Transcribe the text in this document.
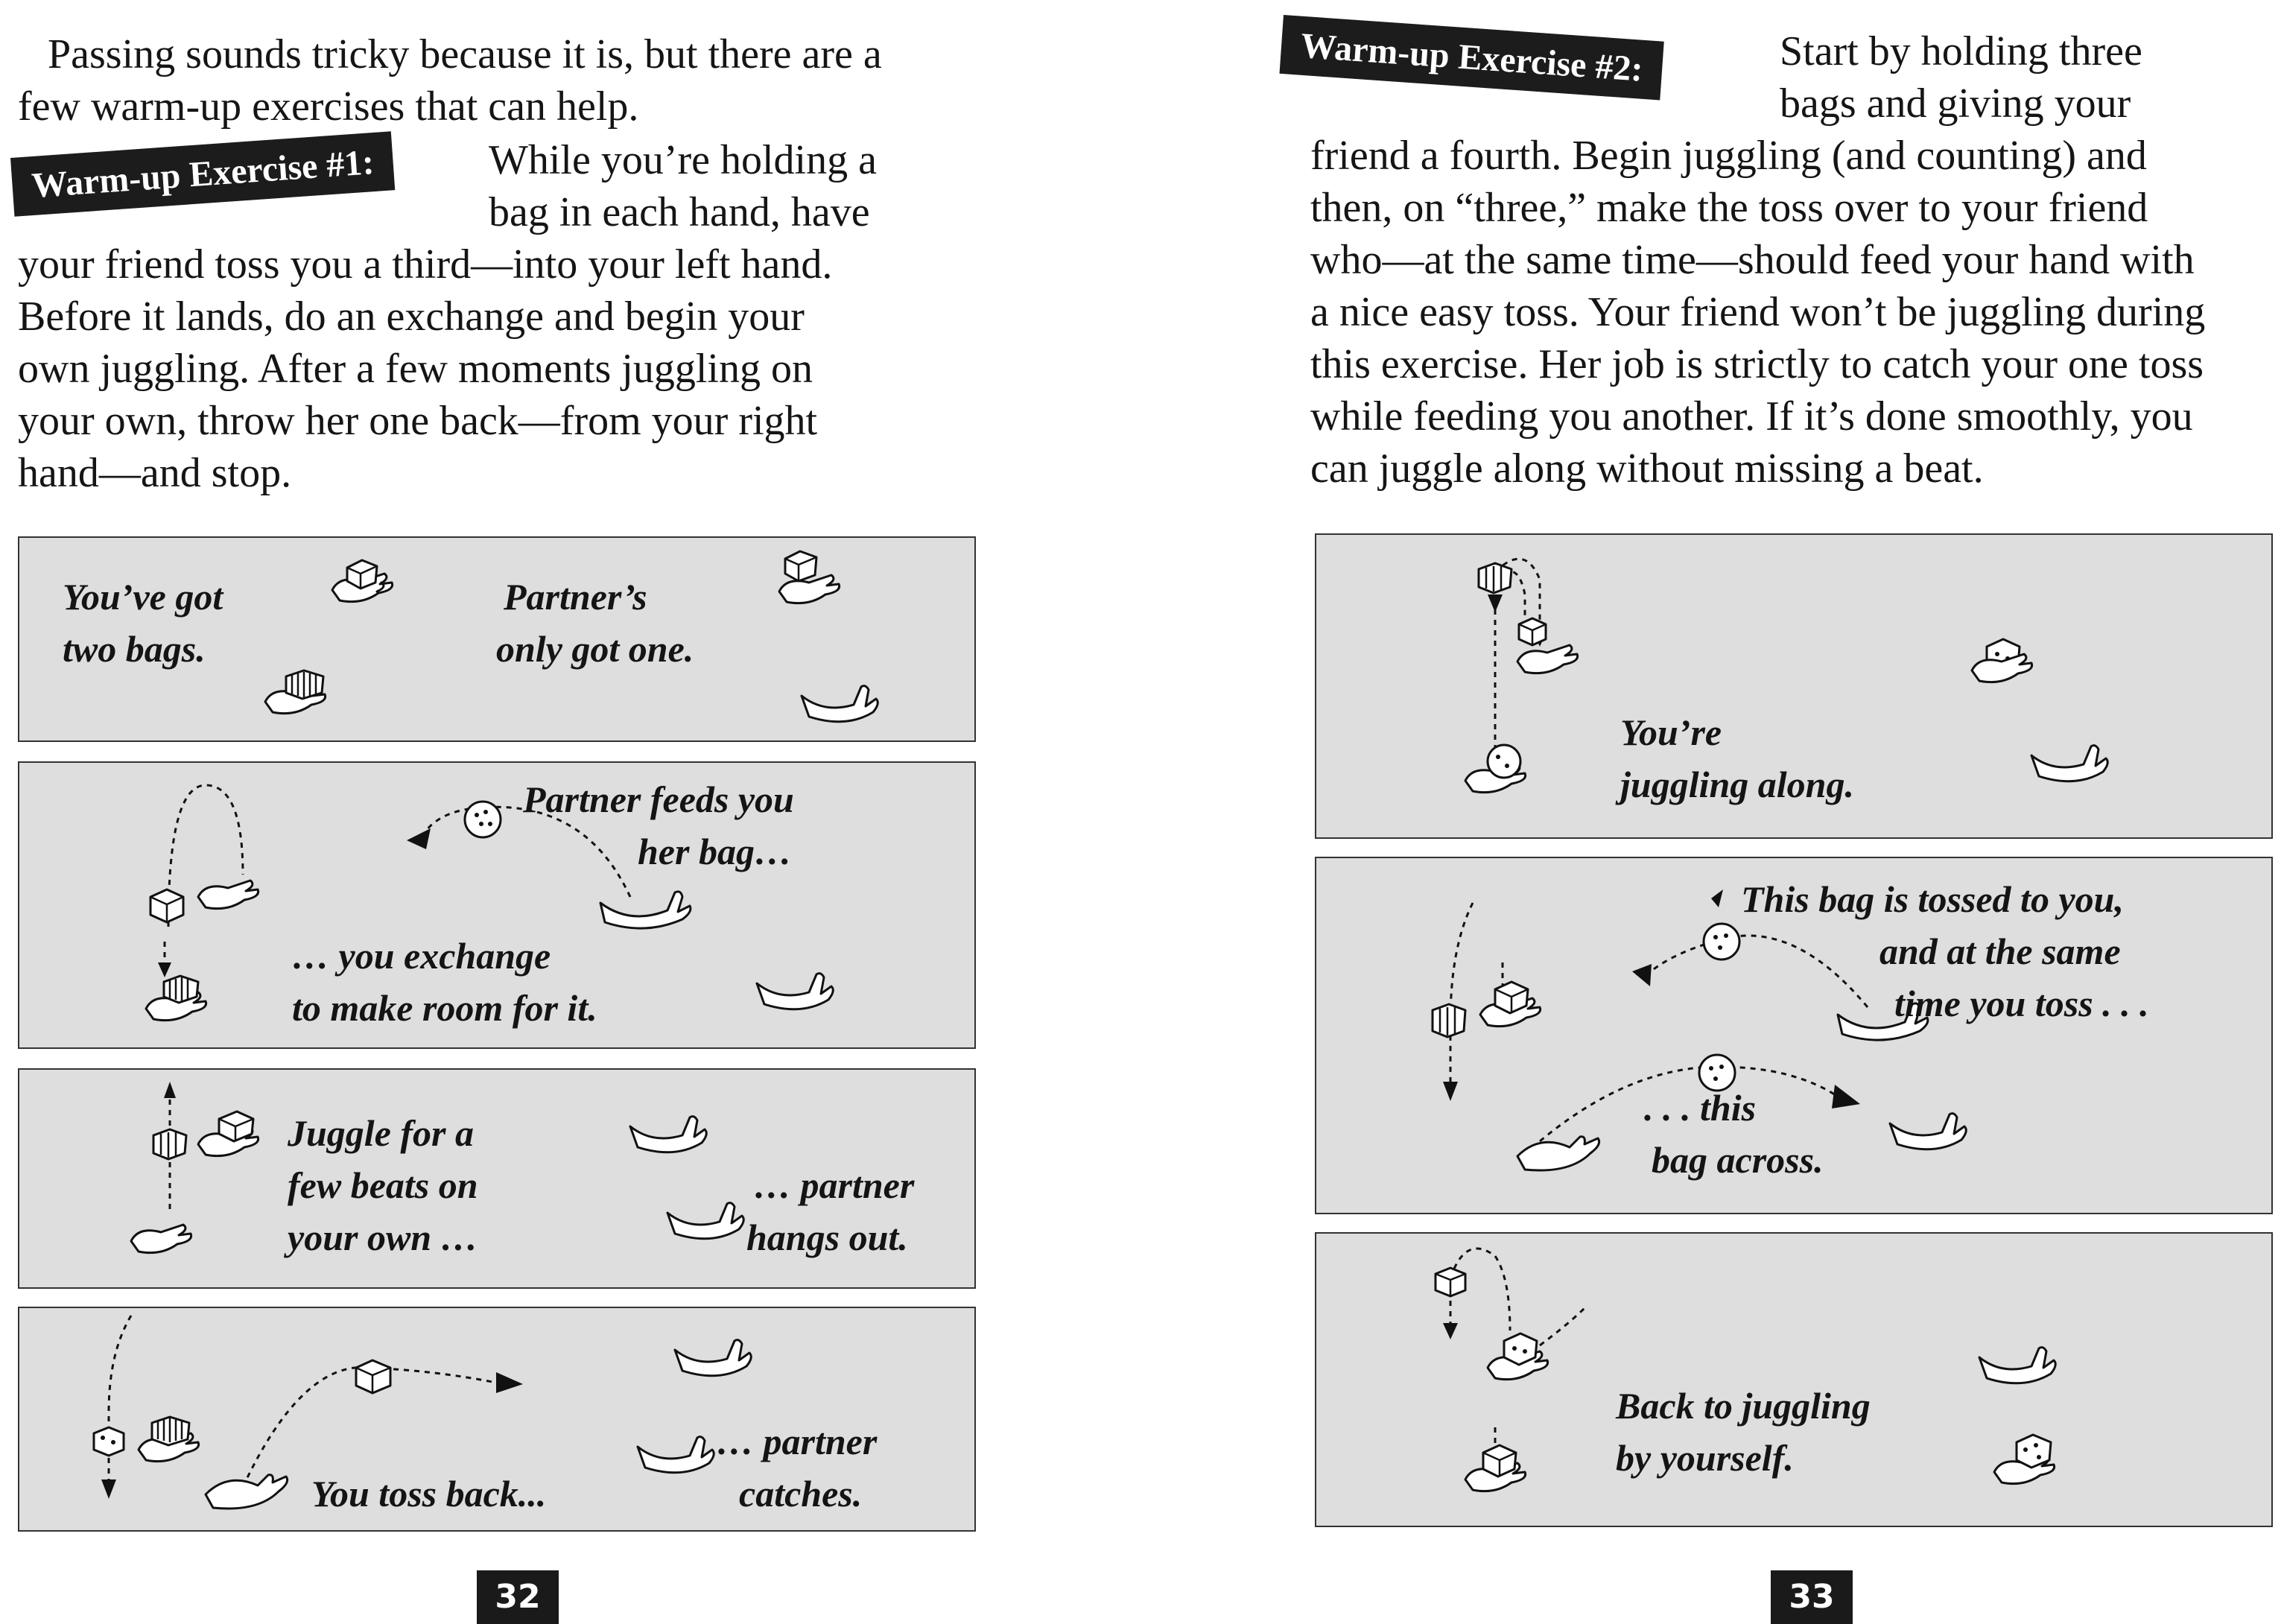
Passing sounds tricky because it is, but there are a

few warm-up exercises that can help.

Warm-up Exercise #1:	While you’re holding a

bag in each hand, have

your friend toss you a third—into your left hand.

Before it lands, do an exchange and begin your

own juggling. After a few moments juggling on

your own, throw her one back—from your right

hand—and stop.

You’ve got
two bags.
Partner’s
only got one.
Partner feeds you
her bag…
… you exchange
to make room for it.
Juggle for a
few beats on
your own …
… partner
hangs out.
You toss back...
… partner
catches.
32
Warm-up Exercise #2:	Start by holding three

bags and giving your

friend a fourth. Begin juggling (and counting) and

then, on “three,” make the toss over to your friend

who—at the same time—should feed your hand with

a nice easy toss. Your friend won’t be juggling during

this exercise. Her job is strictly to catch your one toss

while feeding you another. If it’s done smoothly, you

can juggle along without missing a beat.

You’re
juggling along.
This bag is tossed to you,
and at the same
time you toss . . .
. . . this
bag across.
Back to juggling
by yourself.
33
